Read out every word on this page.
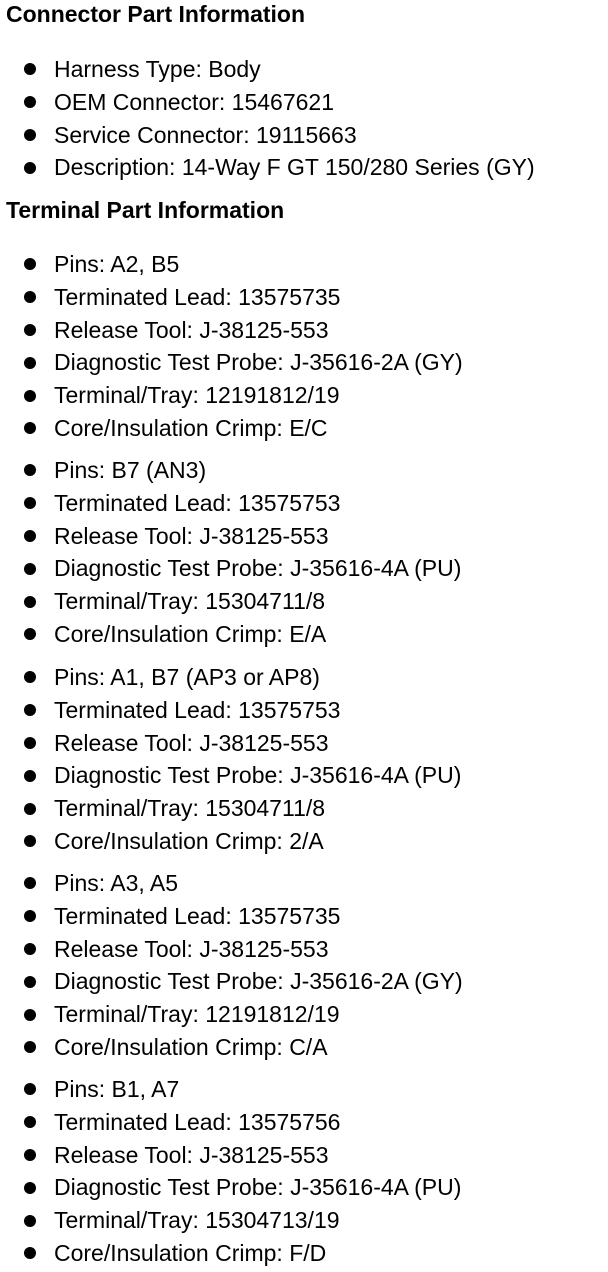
Connector Part Information
Harness Type: Body
OEM Connector: 15467621
Service Connector: 19115663
Description: 14-Way F GT 150/280 Series (GY)
Terminal Part Information
Pins: A2, B5
Terminated Lead: 13575735
Release Tool: J-38125-553
Diagnostic Test Probe: J-35616-2A (GY)
Terminal/Tray: 12191812/19
Core/Insulation Crimp: E/C
Pins: B7 (AN3)
Terminated Lead: 13575753
Release Tool: J-38125-553
Diagnostic Test Probe: J-35616-4A (PU)
Terminal/Tray: 15304711/8
Core/Insulation Crimp: E/A
Pins: A1, B7 (AP3 or AP8)
Terminated Lead: 13575753
Release Tool: J-38125-553
Diagnostic Test Probe: J-35616-4A (PU)
Terminal/Tray: 15304711/8
Core/Insulation Crimp: 2/A
Pins: A3, A5
Terminated Lead: 13575735
Release Tool: J-38125-553
Diagnostic Test Probe: J-35616-2A (GY)
Terminal/Tray: 12191812/19
Core/Insulation Crimp: C/A
Pins: B1, A7
Terminated Lead: 13575756
Release Tool: J-38125-553
Diagnostic Test Probe: J-35616-4A (PU)
Terminal/Tray: 15304713/19
Core/Insulation Crimp: F/D
